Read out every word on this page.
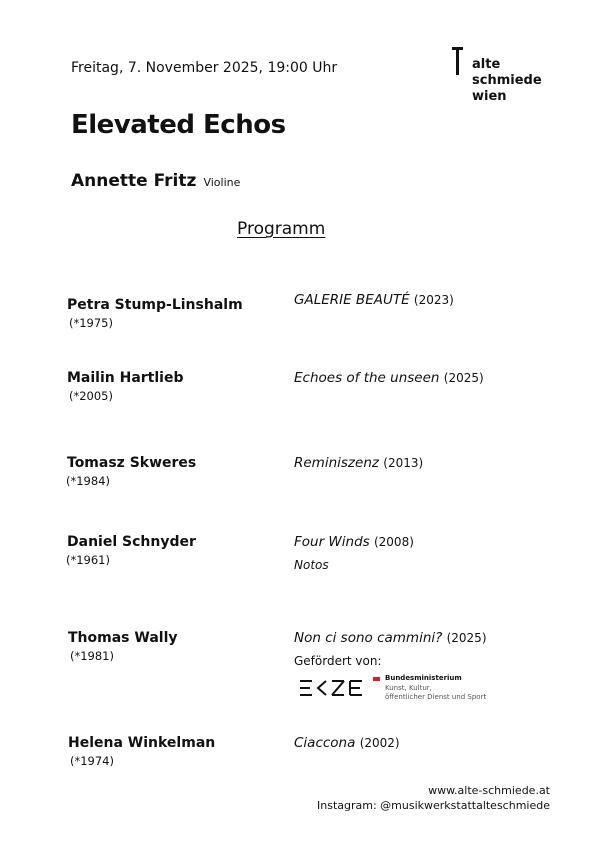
Freitag, 7. November 2025, 19:00 Uhr	alte
schmiede
wien
Elevated Echos
Annette Fritz Violine
Programm
Petra Stump-Linshalm
(*1975)
GALERIE BEAUTÉ (2023)
Mailin Hartlieb
(*2005)
Echoes of the unseen (2025)
Tomasz Skweres
(*1984)
Reminiszenz (2013)
Daniel Schnyder
(*1961)
Four Winds (2008)
Notos
Thomas Wally
(*1981)
Non ci sono cammini? (2025)
Gefördert von:
Bundesministerium
Kunst, Kultur,
öffentlicher Dienst und Sport
Helena Winkelman
(*1974)
Ciaccona (2002)
www.alte-schmiede.at
Instagram: @musikwerkstattalteschmiede
